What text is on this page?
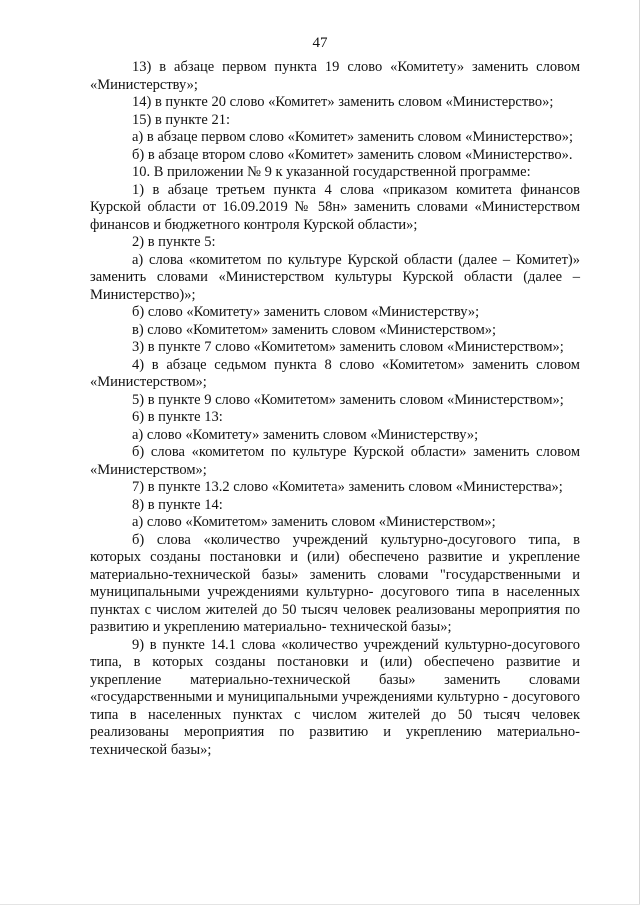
47

13) в абзаце первом пункта 19 слово «Комитету» заменить словом «Министерству»;

14) в пункте 20 слово «Комитет» заменить словом «Министерство»;

15) в пункте 21:

а) в абзаце первом слово «Комитет» заменить словом «Министерство»;

б) в абзаце втором слово «Комитет» заменить словом «Министерство».

10. В приложении № 9 к указанной государственной программе:

1) в абзаце третьем пункта 4 слова «приказом комитета финансов Курской области от 16.09.2019 № 58н» заменить словами «Министерством финансов и бюджетного контроля Курской области»;

2) в пункте 5:

а) слова «комитетом по культуре Курской области (далее – Комитет)» заменить словами «Министерством культуры Курской области (далее – Министерство)»;

б) слово «Комитету» заменить словом «Министерству»;

в) слово «Комитетом» заменить словом «Министерством»;

3) в пункте 7 слово «Комитетом» заменить словом «Министерством»;

4) в абзаце седьмом пункта 8 слово «Комитетом» заменить словом «Министерством»;

5) в пункте 9 слово «Комитетом» заменить словом «Министерством»;

6) в пункте 13:

а) слово «Комитету» заменить словом «Министерству»;

б) слова «комитетом по культуре Курской области» заменить словом «Министерством»;

7) в пункте 13.2 слово «Комитета» заменить словом «Министерства»;

8) в пункте 14:

а) слово «Комитетом» заменить словом «Министерством»;

б) слова «количество учреждений культурно-досугового типа, в которых созданы постановки и (или) обеспечено развитие и укрепление материально-технической базы» заменить словами "государственными и муниципальными учреждениями культурно- досугового типа в населенных пунктах с числом жителей до 50 тысяч человек реализованы мероприятия по развитию и укреплению материально- технической базы»;

9) в пункте 14.1 слова «количество учреждений культурно-досугового типа, в которых созданы постановки и (или) обеспечено развитие и укрепление материально-технической базы» заменить словами «государственными и муниципальными учреждениями культурно - досугового типа в населенных пунктах с числом жителей до 50 тысяч человек реализованы мероприятия по развитию и укреплению материально- технической базы»;
